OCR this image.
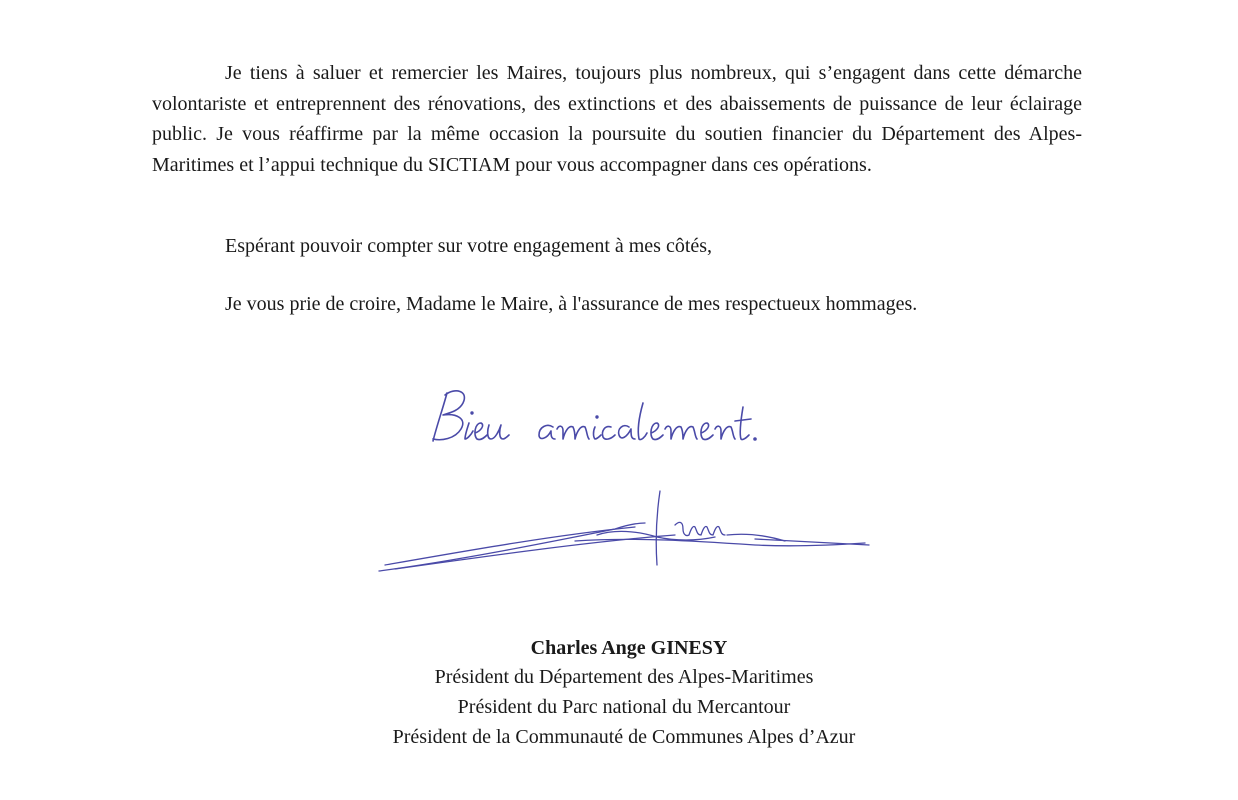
Je tiens à saluer et remercier les Maires, toujours plus nombreux, qui s’engagent dans cette démarche volontariste et entreprennent des rénovations, des extinctions et des abaissements de puissance de leur éclairage public. Je vous réaffirme par la même occasion la poursuite du soutien financier du Département des Alpes-Maritimes et l’appui technique du SICTIAM pour vous accompagner dans ces opérations.

Espérant pouvoir compter sur votre engagement à mes côtés,

Je vous prie de croire, Madame le Maire, à l'assurance de mes respectueux hommages.

Charles Ange GINESY
Président du Département des Alpes-Maritimes
Président du Parc national du Mercantour
Président de la Communauté de Communes Alpes d’Azur
